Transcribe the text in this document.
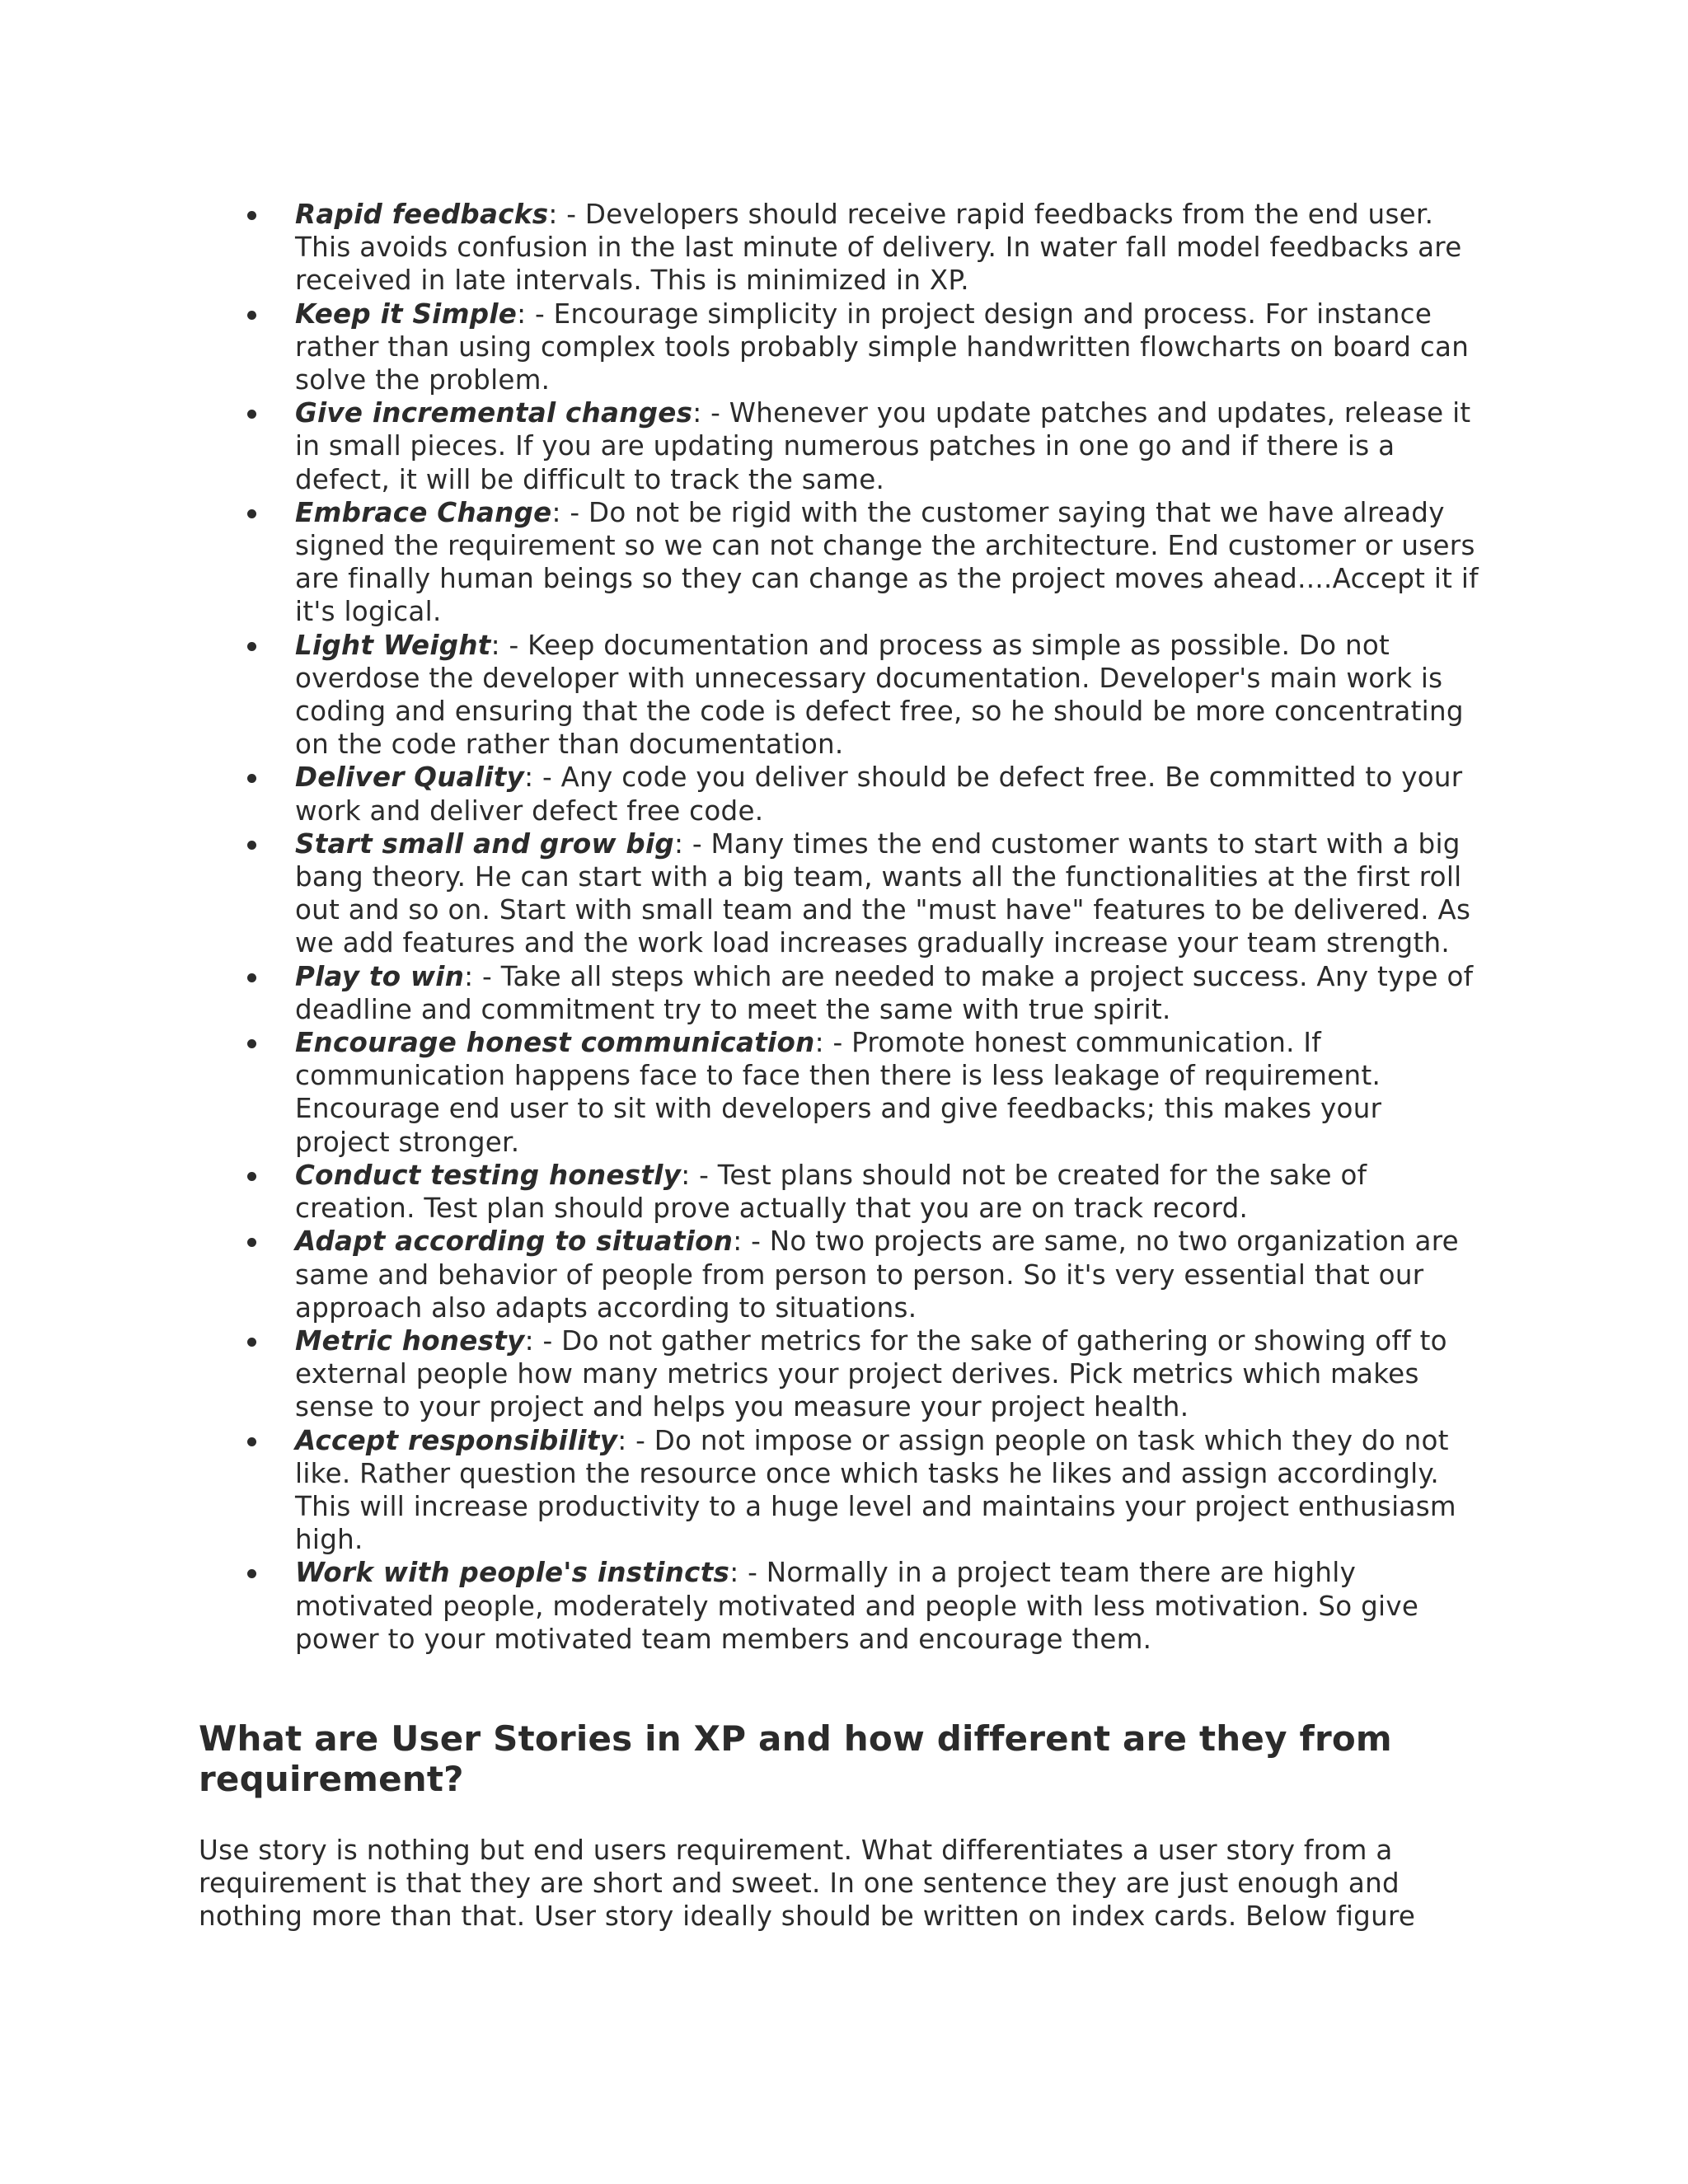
Rapid feedbacks: - Developers should receive rapid feedbacks from the end user. This avoids confusion in the last minute of delivery. In water fall model feedbacks are received in late intervals. This is minimized in XP.
Keep it Simple: - Encourage simplicity in project design and process. For instance rather than using complex tools probably simple handwritten flowcharts on board can solve the problem.
Give incremental changes: - Whenever you update patches and updates, release it in small pieces. If you are updating numerous patches in one go and if there is a defect, it will be difficult to track the same.
Embrace Change: - Do not be rigid with the customer saying that we have already signed the requirement so we can not change the architecture. End customer or users are finally human beings so they can change as the project moves ahead....Accept it if it's logical.
Light Weight: - Keep documentation and process as simple as possible. Do not overdose the developer with unnecessary documentation. Developer's main work is coding and ensuring that the code is defect free, so he should be more concentrating on the code rather than documentation.
Deliver Quality: - Any code you deliver should be defect free. Be committed to your work and deliver defect free code.
Start small and grow big: - Many times the end customer wants to start with a big bang theory. He can start with a big team, wants all the functionalities at the first roll out and so on. Start with small team and the "must have" features to be delivered. As we add features and the work load increases gradually increase your team strength.
Play to win: - Take all steps which are needed to make a project success. Any type of deadline and commitment try to meet the same with true spirit.
Encourage honest communication: - Promote honest communication. If communication happens face to face then there is less leakage of requirement. Encourage end user to sit with developers and give feedbacks; this makes your project stronger.
Conduct testing honestly: - Test plans should not be created for the sake of creation. Test plan should prove actually that you are on track record.
Adapt according to situation: - No two projects are same, no two organization are same and behavior of people from person to person. So it's very essential that our approach also adapts according to situations.
Metric honesty: - Do not gather metrics for the sake of gathering or showing off to external people how many metrics your project derives. Pick metrics which makes sense to your project and helps you measure your project health.
Accept responsibility: - Do not impose or assign people on task which they do not like. Rather question the resource once which tasks he likes and assign accordingly. This will increase productivity to a huge level and maintains your project enthusiasm high.
Work with people's instincts: - Normally in a project team there are highly motivated people, moderately motivated and people with less motivation. So give power to your motivated team members and encourage them.
What are User Stories in XP and how different are they from requirement?

Use story is nothing but end users requirement. What differentiates a user story from a requirement is that they are short and sweet. In one sentence they are just enough and nothing more than that. User story ideally should be written on index cards. Below figure
